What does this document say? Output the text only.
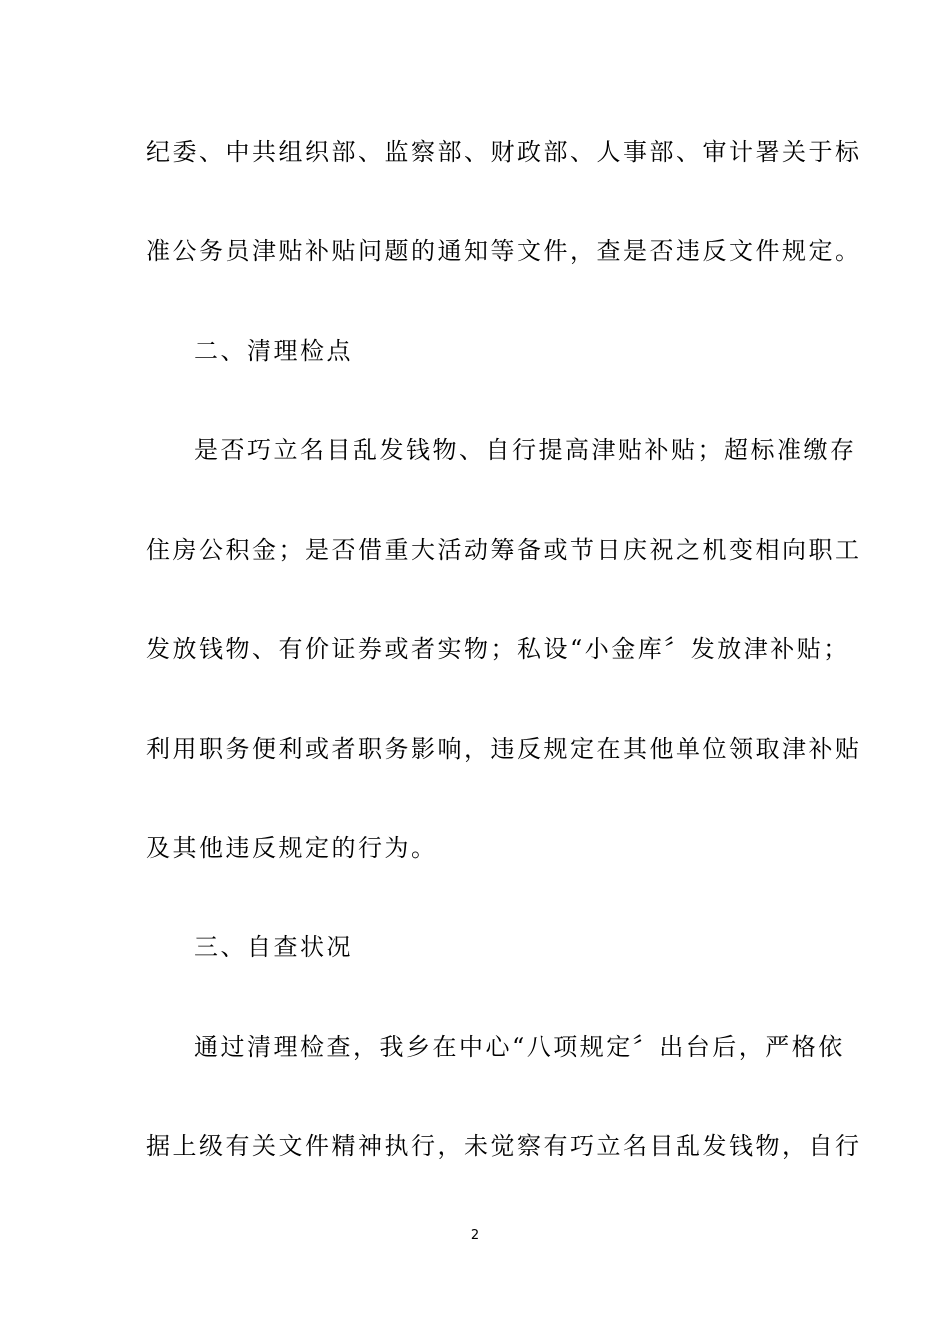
纪委、中共组织部、监察部、财政部、人事部、审计署关于标
准公务员津贴补贴问题的通知等文件，查是否违反文件规定。
二、清理检点
是否巧立名目乱发钱物、自行提高津贴补贴；超标准缴存
住房公积金；是否借重大活动筹备或节日庆祝之机变相向职工
发放钱物、有价证券或者实物；私设“小金库〞发放津补贴；
利用职务便利或者职务影响，违反规定在其他单位领取津补贴
及其他违反规定的行为。
三、自查状况
通过清理检查，我乡在中心“八项规定〞出台后，严格依
据上级有关文件精神执行，未觉察有巧立名目乱发钱物，自行
2
